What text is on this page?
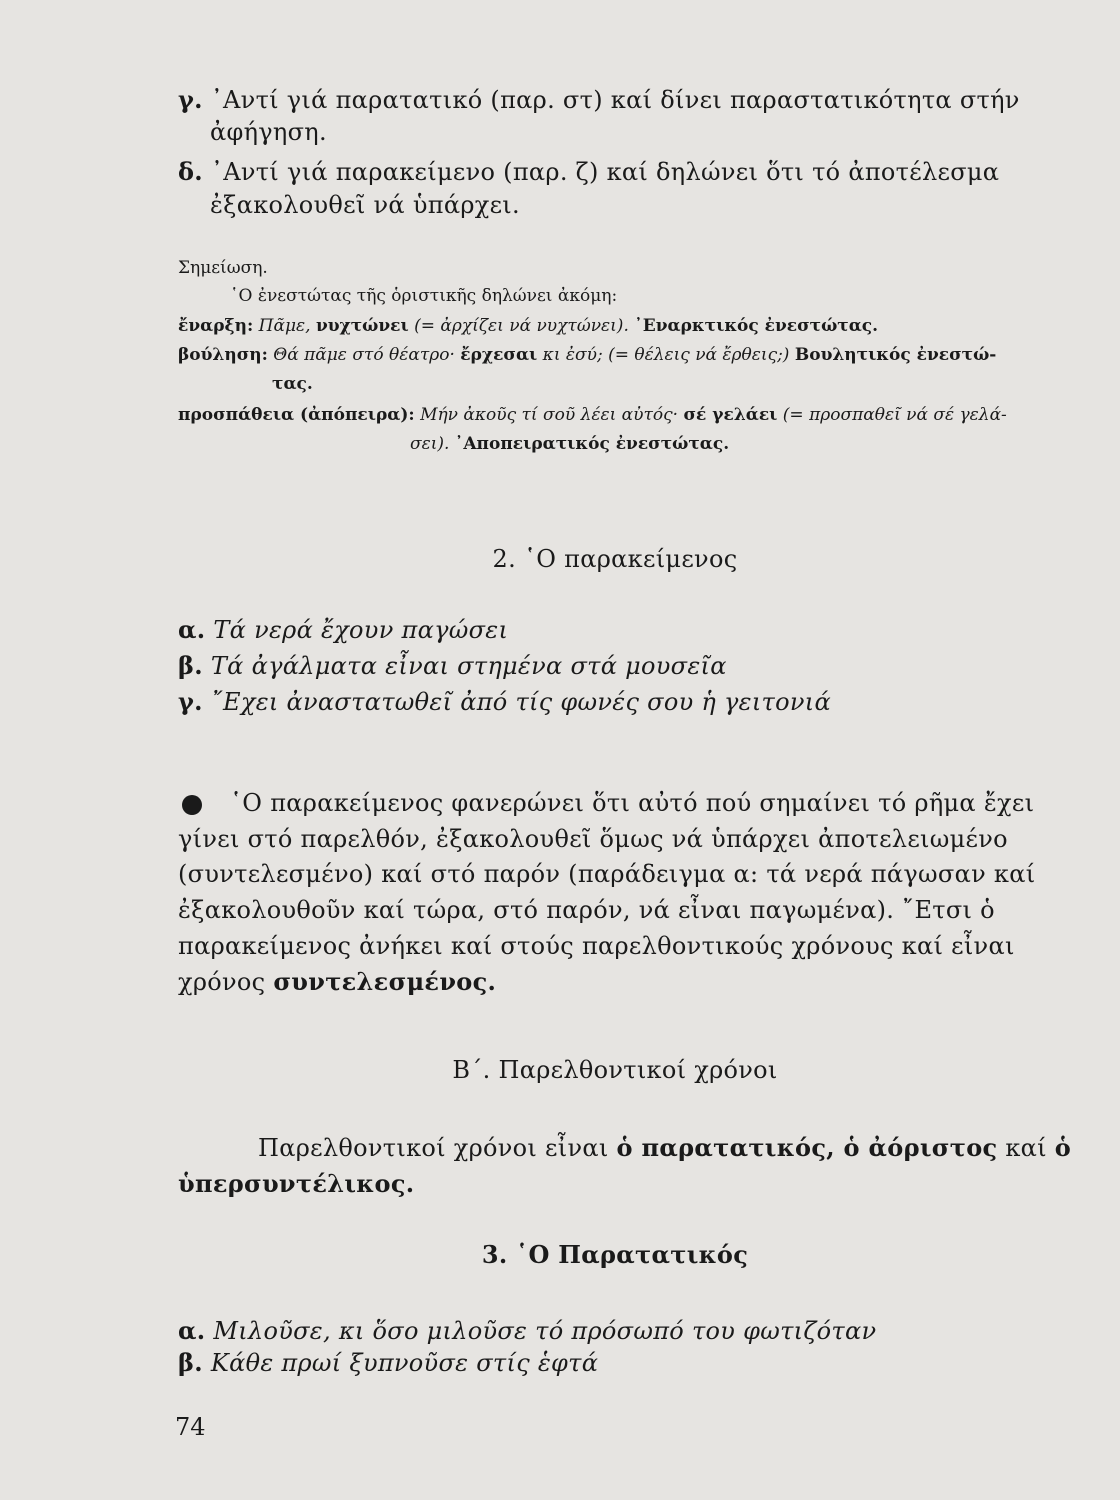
γ. ᾿Αντί γιά παρατατικό (παρ. στ) καί δίνει παραστατικότητα στήν
ἀφήγηση.
δ. ᾿Αντί γιά παρακείμενο (παρ. ζ) καί δηλώνει ὅτι τό ἀποτέλεσμα
ἐξακολουθεῖ νά ὑπάρχει.
Σημείωση.
῾Ο ἐνεστώτας τῆς ὁριστικῆς δηλώνει ἀκόμη:
ἔναρξη: Πᾶμε, νυχτώνει (= ἀρχίζει νά νυχτώνει). ᾿Εναρκτικός ἐνεστώτας.
βούληση: Θά πᾶμε στό θέατρο· ἔρχεσαι κι ἐσύ; (= θέλεις νά ἔρθεις;) Βουλητικός ἐνεστώ-
τας.
προσπάθεια (ἀπόπειρα): Μήν ἀκοῦς τί σοῦ λέει αὐτός· σέ γελάει (= προσπαθεῖ νά σέ γελά-
σει). ᾿Αποπειρατικός ἐνεστώτας.
2. ῾Ο παρακείμενος
α. Τά νερά ἔχουν παγώσει
β. Τά ἀγάλματα εἶναι στημένα στά μουσεῖα
γ. ῎Εχει ἀναστατωθεῖ ἀπό τίς φωνές σου ἡ γειτονιά
῾Ο παρακείμενος φανερώνει ὅτι αὐτό πού σημαίνει τό ρῆμα ἔχει
γίνει στό παρελθόν, ἐξακολουθεῖ ὅμως νά ὑπάρχει ἀποτελειωμένο
(συντελεσμένο) καί στό παρόν (παράδειγμα α: τά νερά πάγωσαν καί
ἐξακολουθοῦν καί τώρα, στό παρόν, νά εἶναι παγωμένα). ῎Ετσι ὁ
παρακείμενος ἀνήκει καί στούς παρελθοντικούς χρόνους καί εἶναι
χρόνος συντελεσμένος.
Β΄. Παρελθοντικοί χρόνοι
Παρελθοντικοί χρόνοι εἶναι ὁ παρατατικός, ὁ ἀόριστος καί ὁ
ὑπερσυντέλικος.
3. ῾Ο Παρατατικός
α. Μιλοῦσε, κι ὅσο μιλοῦσε τό πρόσωπό του φωτιζόταν
β. Κάθε πρωί ξυπνοῦσε στίς ἑφτά
74
